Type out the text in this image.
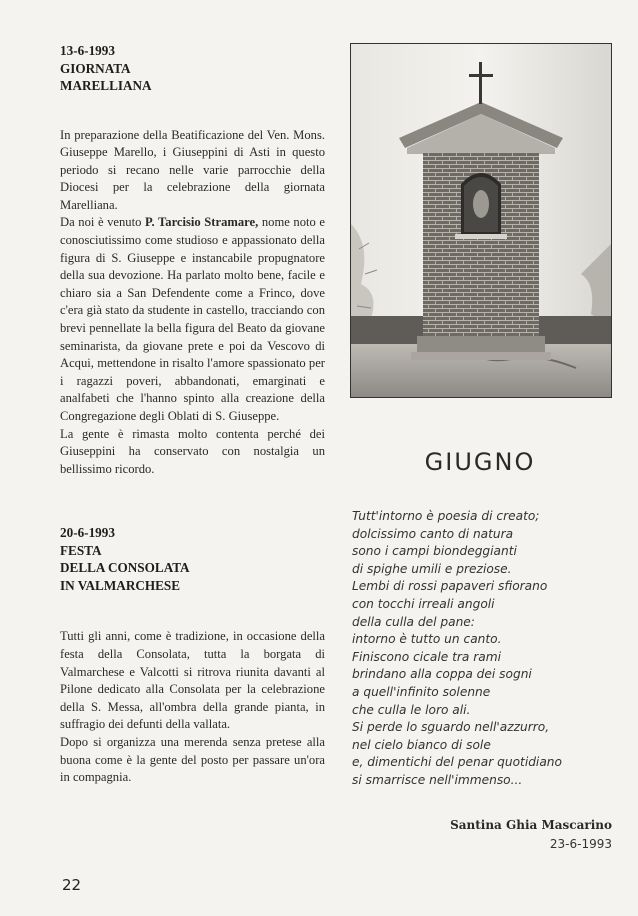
13-6-1993
GIORNATA
MARELLIANA

In preparazione della Beatificazione del Ven. Mons. Giuseppe Marello, i Giuseppini di Asti in questo periodo si recano nelle varie parrocchie della Diocesi per la celebrazione della giornata Marelliana.

Da noi è venuto P. Tarcisio Stramare, nome noto e conosciutissimo come studioso e appassionato della figura di S. Giuseppe e instancabile propugnatore della sua devozione. Ha parlato molto bene, facile e chiaro sia a San Defendente come a Frinco, dove c'era già stato da studente in castello, tracciando con brevi pennellate la bella figura del Beato da giovane seminarista, da giovane prete e poi da Vescovo di Acqui, mettendone in risalto l'amore spassionato per i ragazzi poveri, abbandonati, emarginati e analfabeti che l'hanno spinto alla creazione della Congregazione degli Oblati di S. Giuseppe.

La gente è rimasta molto contenta perché dei Giuseppini ha conservato con nostalgia un bellissimo ricordo.

20-6-1993
FESTA
DELLA CONSOLATA
IN VALMARCHESE

Tutti gli anni, come è tradizione, in occasione della festa della Consolata, tutta la borgata di Valmarchese e Valcotti si ritrova riunita davanti al Pilone dedicato alla Consolata per la celebrazione della S. Messa, all'ombra della grande pianta, in suffragio dei defunti della vallata.

Dopo si organizza una merenda senza pretese alla buona come è la gente del posto per passare un'ora in compagnia.

GIUGNO
Tutt'intorno è poesia di creato;
dolcissimo canto di natura
sono i campi biondeggianti
di spighe umili e preziose.
Lembi di rossi papaveri sfiorano
con tocchi irreali angoli
della culla del pane:
intorno è tutto un canto.
Finiscono cicale tra rami
brindano alla coppa dei sogni
a quell'infinito solenne
che culla le loro ali.
Si perde lo sguardo nell'azzurro,
nel cielo bianco di sole
e, dimentichi del penar quotidiano
si smarrisce nell'immenso...
Santina Ghia Mascarino
23-6-1993
22
